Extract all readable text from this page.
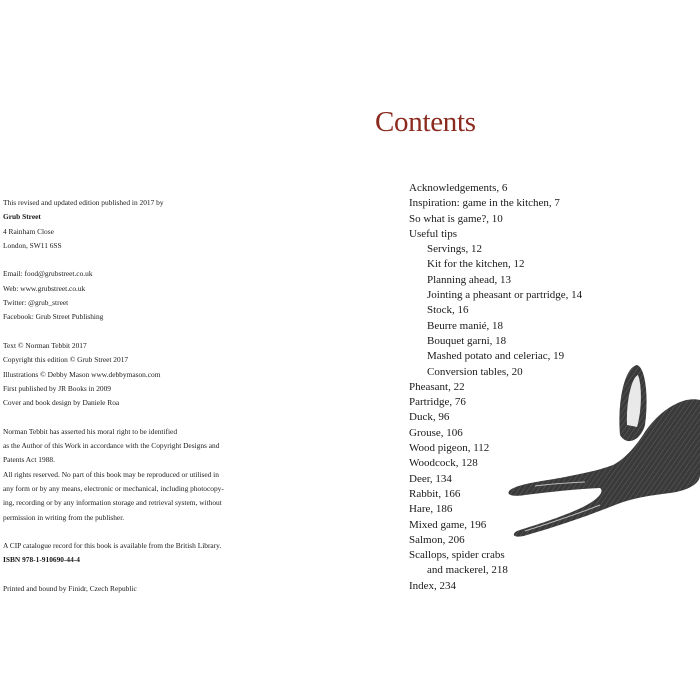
This revised and updated edition published in 2017 by
Grub Street
4 Rainham Close
London, SW11 6SS
Email: food@grubstreet.co.uk
Web: www.grubstreet.co.uk
Twitter: @grub_street
Facebook: Grub Street Publishing
Text © Norman Tebbit 2017
Copyright this edition © Grub Street 2017
Illustrations © Debby Mason www.debbymason.com
First published by JR Books in 2009
Cover and book design by Daniele Roa
Norman Tebbit has asserted his moral right to be identified
as the Author of this Work in accordance with the Copyright Designs and
Patents Act 1988.
All rights reserved. No part of this book may be reproduced or utilised in
any form or by any means, electronic or mechanical, including photocopy-
ing, recording or by any information storage and retrieval system, without
permission in writing from the publisher.
A CIP catalogue record for this book is available from the British Library.
ISBN 978-1-910690-44-4
Printed and bound by Finidr, Czech Republic
Contents
Acknowledgements, 6
Inspiration: game in the kitchen, 7
So what is game?, 10
Useful tips
Servings, 12
Kit for the kitchen, 12
Planning ahead, 13
Jointing a pheasant or partridge, 14
Stock, 16
Beurre manié, 18
Bouquet garni, 18
Mashed potato and celeriac, 19
Conversion tables, 20
Pheasant, 22
Partridge, 76
Duck, 96
Grouse, 106
Wood pigeon, 112
Woodcock, 128
Deer, 134
Rabbit, 166
Hare, 186
Mixed game, 196
Salmon, 206
Scallops, spider crabs
and mackerel, 218
Index, 234
